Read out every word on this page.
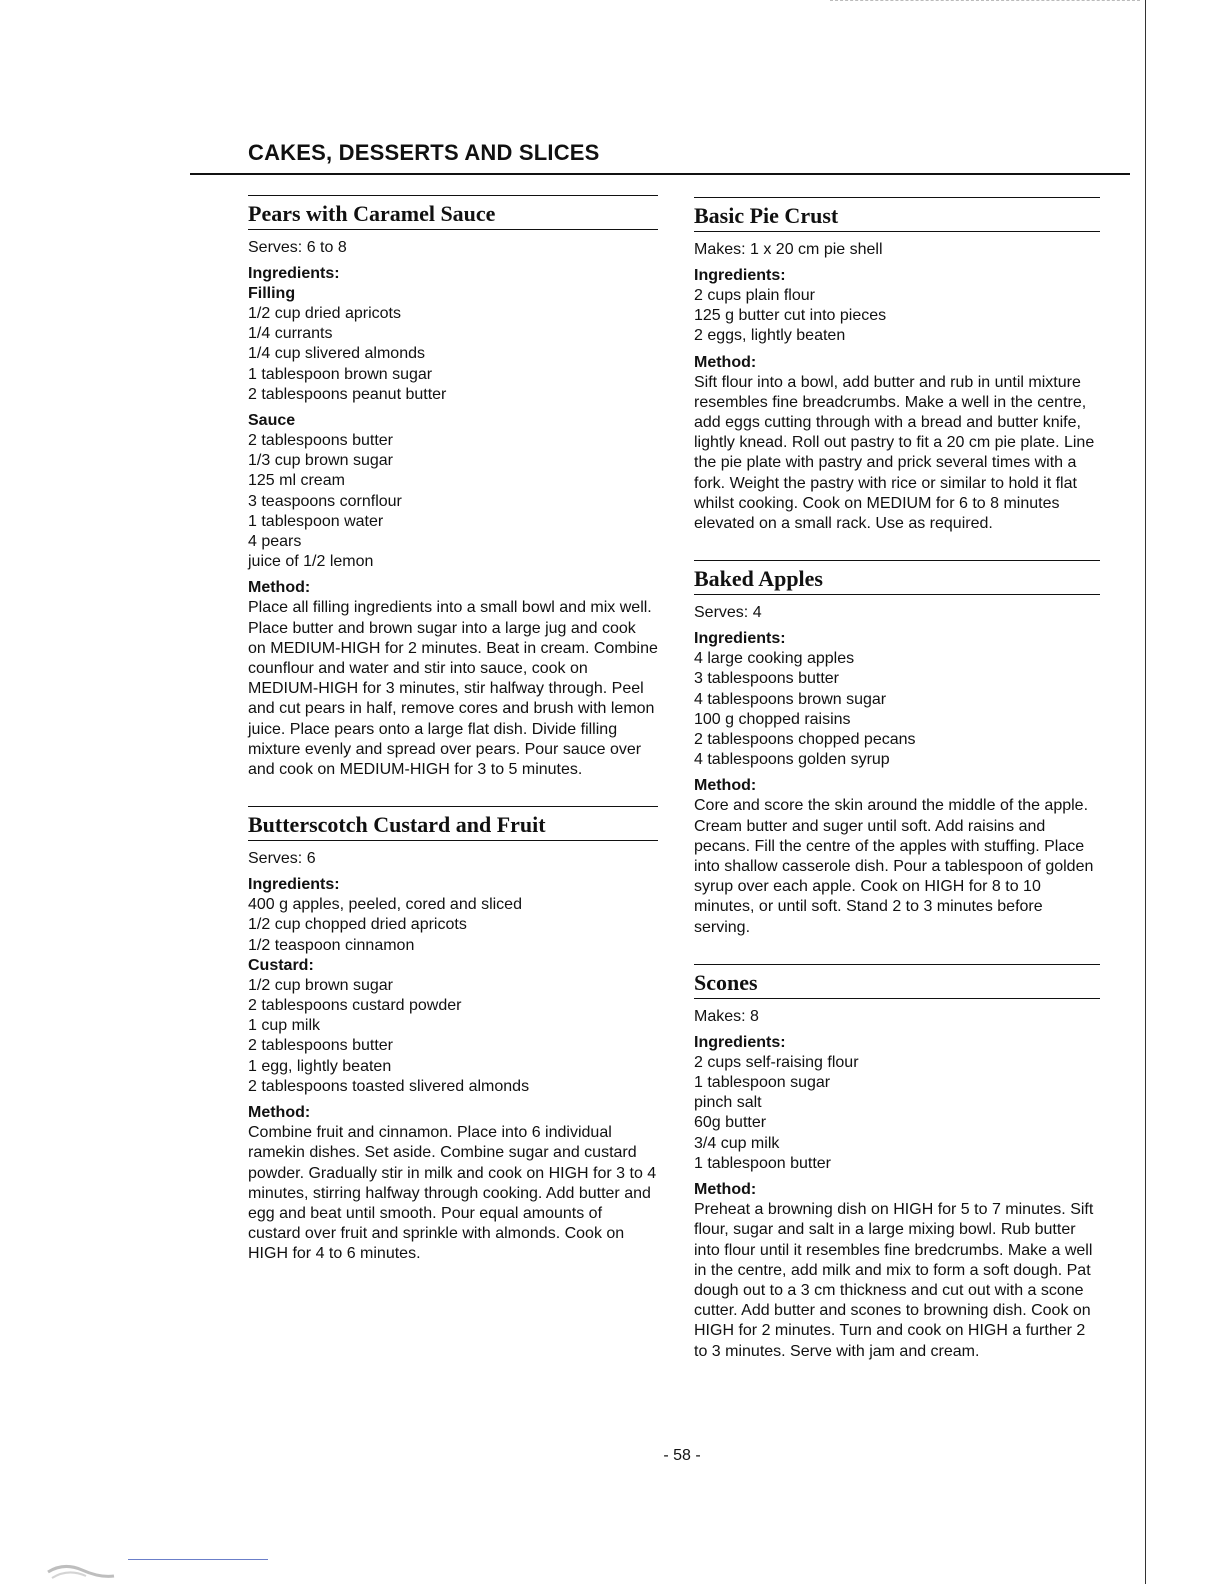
CAKES, DESSERTS AND SLICES
Pears with Caramel Sauce
Serves: 6 to 8
Ingredients:
Filling
1/2 cup dried apricots
1/4 currants
1/4 cup slivered almonds
1 tablespoon brown sugar
2 tablespoons peanut butter
Sauce
2 tablespoons butter
1/3 cup brown sugar
125 ml cream
3 teaspoons cornflour
1 tablespoon water
4 pears
juice of 1/2 lemon
Method:

Place all filling ingredients into a small bowl and mix well. Place butter and brown sugar into a large jug and cook on MEDIUM-HIGH for 2 minutes. Beat in cream. Combine counflour and water and stir into sauce, cook on MEDIUM-HIGH for 3 minutes, stir halfway through. Peel and cut pears in half, remove cores and brush with lemon juice. Place pears onto a large flat dish. Divide filling mixture evenly and spread over pears. Pour sauce over and cook on MEDIUM-HIGH for 3 to 5 minutes.

Butterscotch Custard and Fruit
Serves: 6
Ingredients:
400 g apples, peeled, cored and sliced
1/2 cup chopped dried apricots
1/2 teaspoon cinnamon
Custard:
1/2 cup brown sugar
2 tablespoons custard powder
1 cup milk
2 tablespoons butter
1 egg, lightly beaten
2 tablespoons toasted slivered almonds
Method:

Combine fruit and cinnamon. Place into 6 individual ramekin dishes. Set aside. Combine sugar and custard powder. Gradually stir in milk and cook on HIGH for 3 to 4 minutes, stirring halfway through cooking. Add butter and egg and beat until smooth. Pour equal amounts of custard over fruit and sprinkle with almonds. Cook on HIGH for 4 to 6 minutes.

Basic Pie Crust
Makes: 1 x 20 cm pie shell
Ingredients:
2 cups plain flour
125 g butter cut into pieces
2 eggs, lightly beaten
Method:

Sift flour into a bowl, add butter and rub in until mixture resembles fine breadcrumbs. Make a well in the centre, add eggs cutting through with a bread and butter knife, lightly knead. Roll out pastry to fit a 20 cm pie plate. Line the pie plate with pastry and prick several times with a fork. Weight the pastry with rice or similar to hold it flat whilst cooking. Cook on MEDIUM for 6 to 8 minutes elevated on a small rack. Use as required.

Baked Apples
Serves: 4
Ingredients:
4 large cooking apples
3 tablespoons butter
4 tablespoons brown sugar
100 g chopped raisins
2 tablespoons chopped pecans
4 tablespoons golden syrup
Method:

Core and score the skin around the middle of the apple. Cream butter and suger until soft. Add raisins and pecans. Fill the centre of the apples with stuffing. Place into shallow casserole dish. Pour a tablespoon of golden syrup over each apple. Cook on HIGH for 8 to 10 minutes, or until soft. Stand 2 to 3 minutes before serving.

Scones
Makes: 8
Ingredients:
2 cups self-raising flour
1 tablespoon sugar
pinch salt
60g butter
3/4 cup milk
1 tablespoon butter
Method:

Preheat a browning dish on HIGH for 5 to 7 minutes. Sift flour, sugar and salt in a large mixing bowl. Rub butter into flour until it resembles fine bredcrumbs. Make a well in the centre, add milk and mix to form a soft dough. Pat dough out to a 3 cm thickness and cut out with a scone cutter. Add butter and scones to browning dish. Cook on HIGH for 2 minutes. Turn and cook on HIGH a further 2 to 3 minutes. Serve with jam and cream.

- 58 -
